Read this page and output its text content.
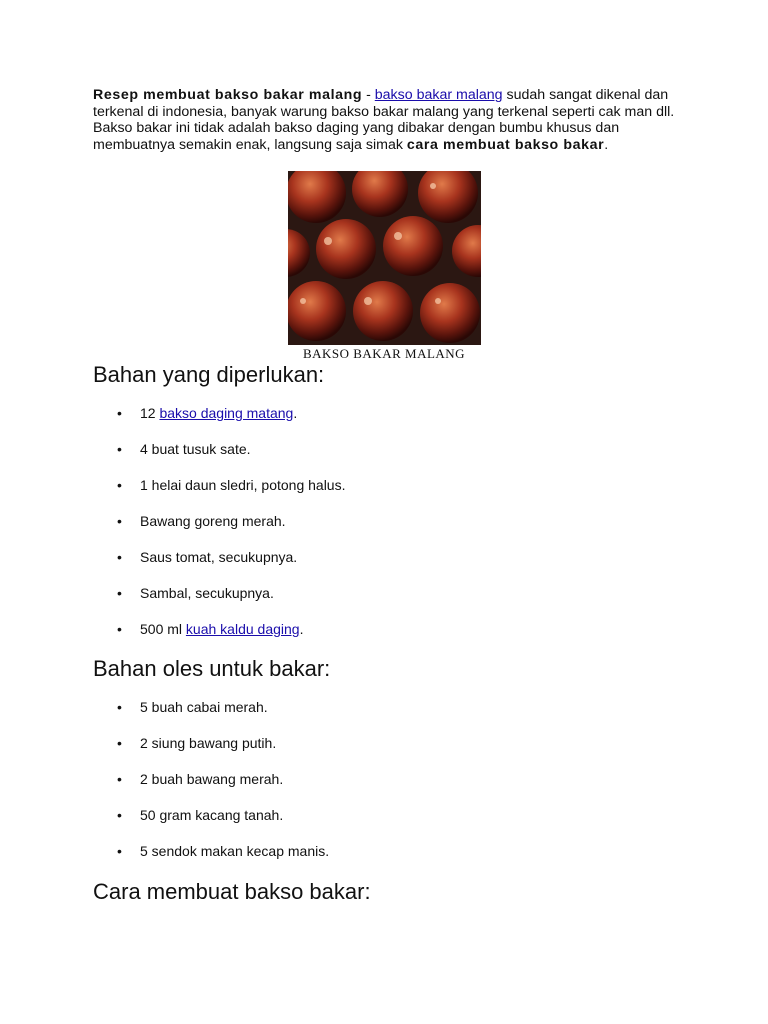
Resep membuat bakso bakar malang - bakso bakar malang sudah sangat dikenal dan terkenal di indonesia, banyak warung bakso bakar malang yang terkenal seperti cak man dll. Bakso bakar ini tidak adalah bakso daging yang dibakar dengan bumbu khusus dan membuatnya semakin enak, langsung saja simak cara membuat bakso bakar.

BAKSO BAKAR MALANG
Bahan yang diperlukan:
• 12 bakso daging matang.
• 4 buat tusuk sate.
• 1 helai daun sledri, potong halus.
• Bawang goreng merah.
• Saus tomat, secukupnya.
• Sambal, secukupnya.
• 500 ml kuah kaldu daging.
Bahan oles untuk bakar:
• 5 buah cabai merah.
• 2 siung bawang putih.
• 2 buah bawang merah.
• 50 gram kacang tanah.
• 5 sendok makan kecap manis.
Cara membuat bakso bakar:
